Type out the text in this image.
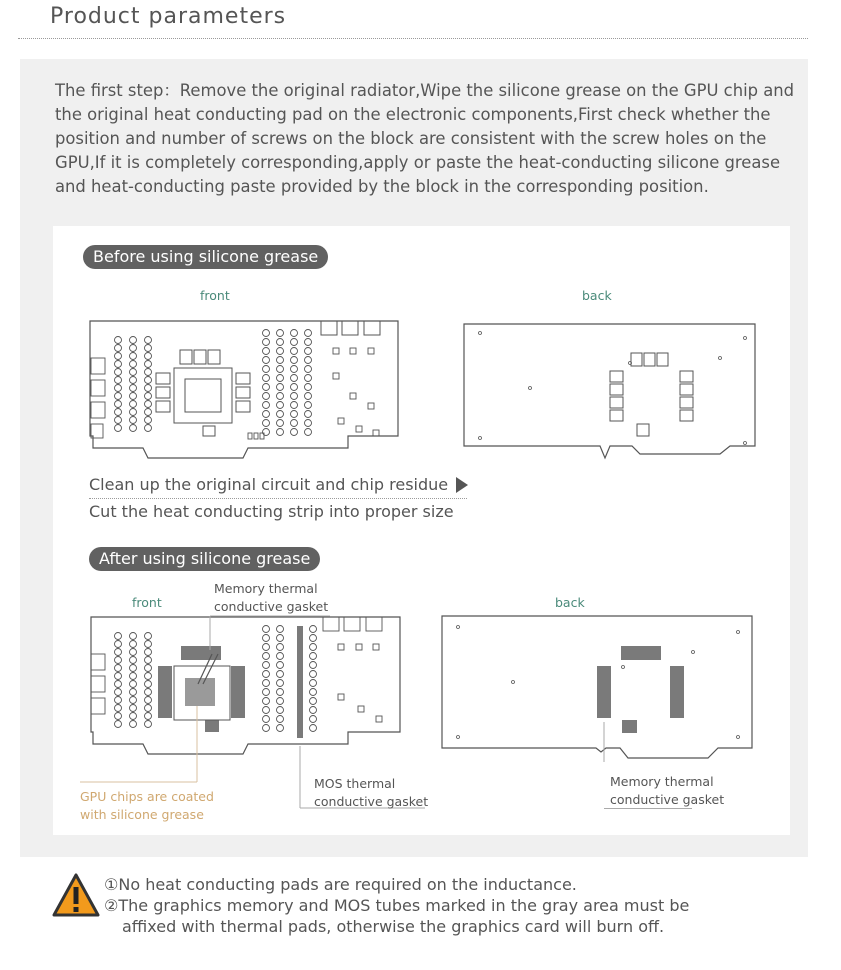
Product parameters

The first step：Remove the original radiator,Wipe the silicone grease on the GPU chip and the original heat conducting pad on the electronic components,First check whether the position and number of screws on the block are consistent with the screw holes on the GPU,If it is completely corresponding,apply or paste the heat-conducting silicone grease and heat-conducting paste provided by the block in the corresponding position.

Before using silicone grease
front	back
Clean up the original circuit and chip residue
Cut the heat conducting strip into proper size
After using silicone grease
front	back
Memory thermal
conductive gasket
GPU chips are coated
with silicone grease
MOS thermal
conductive gasket
Memory thermal
conductive gasket
①No heat conducting pads are required on the inductance.
②The graphics memory and MOS tubes marked in the gray area must be
affixed with thermal pads, otherwise the graphics card will burn off.
